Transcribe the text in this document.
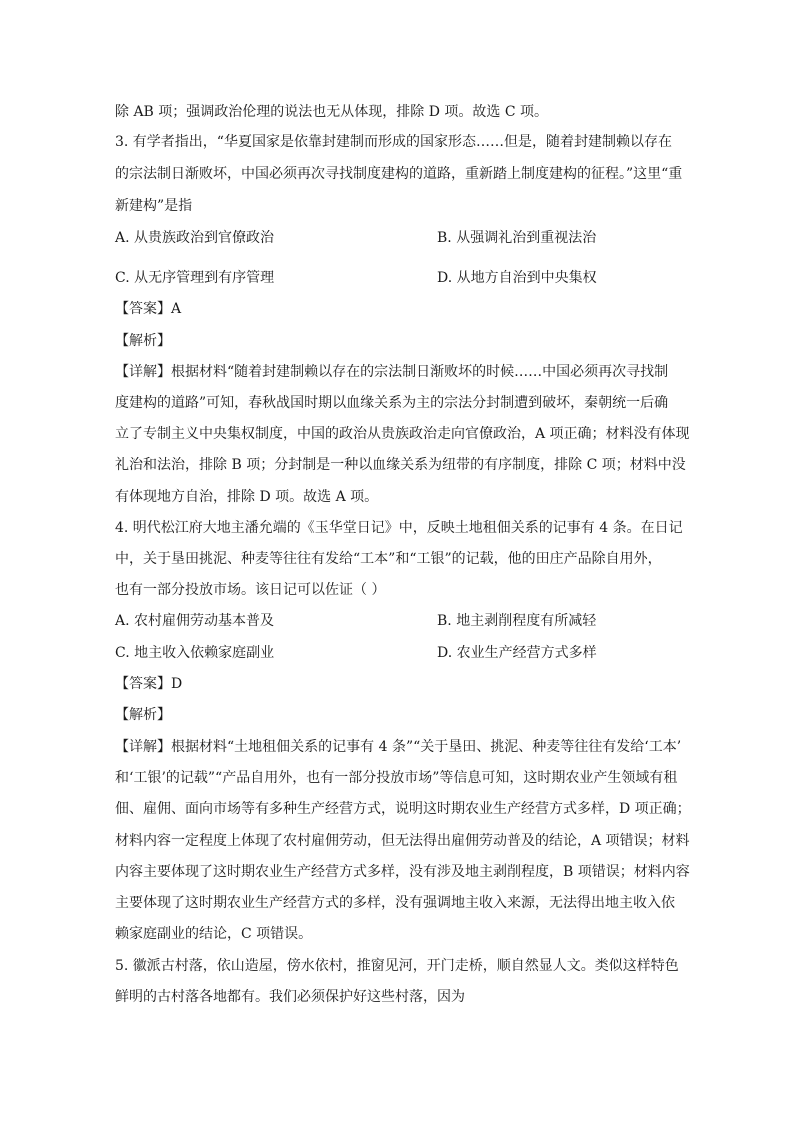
除 AB 项；强调政治伦理的说法也无从体现，排除 D 项。故选 C 项。
3. 有学者指出，“华夏国家是依靠封建制而形成的国家形态……但是，随着封建制赖以存在
的宗法制日渐败坏，中国必须再次寻找制度建构的道路，重新踏上制度建构的征程。”这里“重
新建构”是指
A. 从贵族政治到官僚政治	B. 从强调礼治到重视法治
C. 从无序管理到有序管理	D. 从地方自治到中央集权
【答案】A
【解析】
【详解】根据材料“随着封建制赖以存在的宗法制日渐败坏的时候……中国必须再次寻找制
度建构的道路”可知，春秋战国时期以血缘关系为主的宗法分封制遭到破坏，秦朝统一后确
立了专制主义中央集权制度，中国的政治从贵族政治走向官僚政治，A 项正确；材料没有体现
礼治和法治，排除 B 项；分封制是一种以血缘关系为纽带的有序制度，排除 C 项；材料中没
有体现地方自治，排除 D 项。故选 A 项。
4. 明代松江府大地主潘允端的《玉华堂日记》中，反映土地租佃关系的记事有 4 条。在日记
中，关于垦田挑泥、种麦等往往有发给“工本”和“工银”的记载，他的田庄产品除自用外，
也有一部分投放市场。该日记可以佐证（ ）
A. 农村雇佣劳动基本普及	B. 地主剥削程度有所减轻
C. 地主收入依赖家庭副业	D. 农业生产经营方式多样
【答案】D
【解析】
【详解】根据材料“土地租佃关系的记事有 4 条”“关于垦田、挑泥、种麦等往往有发给‘工本’
和‘工银’的记载”“产品自用外，也有一部分投放市场”等信息可知，这时期农业产生领域有租
佃、雇佣、面向市场等有多种生产经营方式，说明这时期农业生产经营方式多样，D 项正确；
材料内容一定程度上体现了农村雇佣劳动，但无法得出雇佣劳动普及的结论，A 项错误；材料
内容主要体现了这时期农业生产经营方式多样，没有涉及地主剥削程度，B 项错误；材料内容
主要体现了这时期农业生产经营方式的多样，没有强调地主收入来源，无法得出地主收入依
赖家庭副业的结论，C 项错误。
5. 徽派古村落，依山造屋，傍水依村，推窗见河，开门走桥，顺自然显人文。类似这样特色
鲜明的古村落各地都有。我们必须保护好这些村落，因为
